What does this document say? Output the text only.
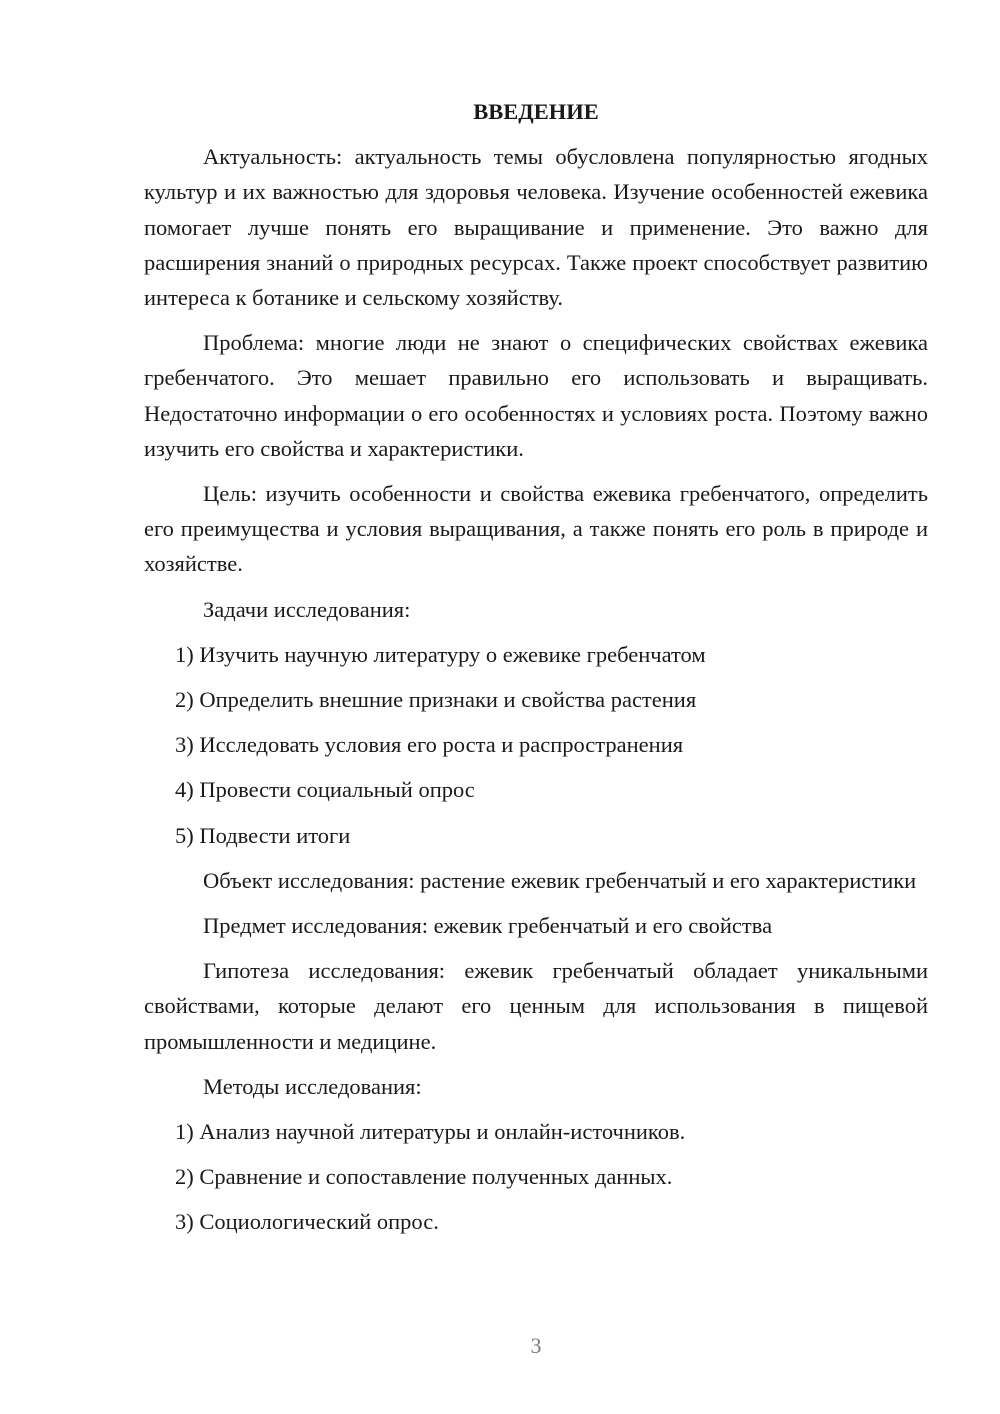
ВВЕДЕНИЕ

Актуальность: актуальность темы обусловлена популярностью ягодных культур и их важностью для здоровья человека. Изучение особенностей ежевика помогает лучше понять его выращивание и применение. Это важно для расширения знаний о природных ресурсах. Также проект способствует развитию интереса к ботанике и сельскому хозяйству.

Проблема: многие люди не знают о специфических свойствах ежевика гребенчатого. Это мешает правильно его использовать и выращивать. Недостаточно информации о его особенностях и условиях роста. Поэтому важно изучить его свойства и характеристики.

Цель: изучить особенности и свойства ежевика гребенчатого, определить его преимущества и условия выращивания, а также понять его роль в природе и хозяйстве.

Задачи исследования:
1) Изучить научную литературу о ежевике гребенчатом
2) Определить внешние признаки и свойства растения
3) Исследовать условия его роста и распространения
4) Провести социальный опрос
5) Подвести итоги

Объект исследования: растение ежевик гребенчатый и его характеристики

Предмет исследования: ежевик гребенчатый и его свойства

Гипотеза исследования: ежевик гребенчатый обладает уникальными свойствами, которые делают его ценным для использования в пищевой промышленности и медицине.

Методы исследования:
1) Анализ научной литературы и онлайн-источников.
2) Сравнение и сопоставление полученных данных.
3) Социологический опрос.
3
